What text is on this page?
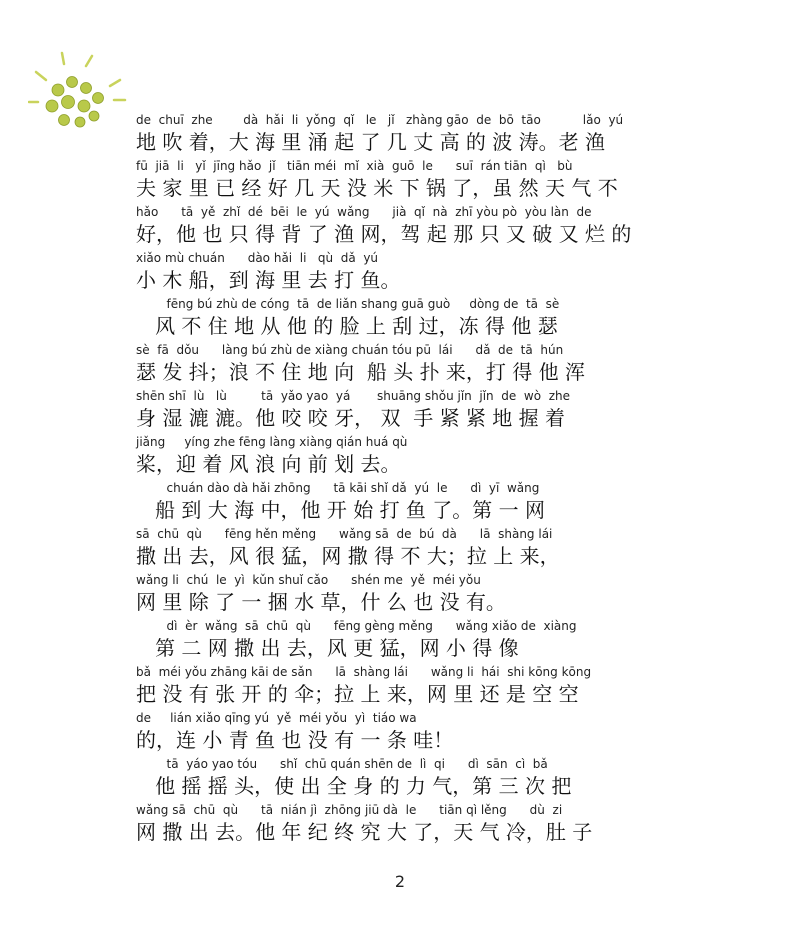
de  chuī  zhe        dà  hǎi  li  yǒng  qǐ   le   jǐ   zhàng gāo  de  bō  tāo           lǎo  yú

地 吹 着，大 海 里 涌 起 了 几 丈 高 的 波 涛。老 渔

fū  jiā  li   yǐ  jīng hǎo  jǐ   tiān méi  mǐ  xià  guō  le      suī  rán tiān  qì   bù

夫 家 里 已 经 好 几 天 没 米 下 锅 了，虽 然 天 气 不

hǎo      tā  yě  zhǐ  dé  bēi  le  yú  wǎng      jià  qǐ  nà  zhī yòu pò  yòu làn  de

好，他 也 只 得 背 了 渔 网，驾 起 那 只 又 破 又 烂 的

xiǎo mù chuán      dào hǎi  li   qù  dǎ  yú

小 木 船，到 海 里 去 打 鱼。

fēng bú zhù de cóng  tā  de liǎn shang guā guò     dòng de  tā  sè

风 不 住 地 从 他 的 脸 上 刮 过，冻 得 他 瑟

sè  fā  dǒu      làng bú zhù de xiàng chuán tóu pū  lái      dǎ  de  tā  hún

瑟 发 抖；浪 不 住 地 向  船 头 扑 来，打 得 他 浑

shēn shī  lù   lù         tā  yǎo yao  yá       shuāng shǒu jǐn  jǐn  de  wò  zhe

身 湿 漉 漉。他 咬 咬 牙， 双  手 紧 紧 地 握 着

jiǎng     yíng zhe fēng làng xiàng qián huá qù

桨，迎 着 风 浪 向 前 划 去。

chuán dào dà hǎi zhōng      tā kāi shǐ dǎ  yú  le      dì  yī  wǎng

船 到 大 海 中，他 开 始 打 鱼 了。第 一 网

sā  chū  qù      fēng hěn měng      wǎng sā  de  bú  dà      lā  shàng lái

撒 出 去，风 很 猛，网 撒 得 不 大；拉 上 来，

wǎng li  chú  le  yì  kǔn shuǐ cǎo      shén me  yě  méi yǒu

网 里 除 了 一 捆 水 草，什 么 也 没 有。

dì  èr  wǎng  sā  chū  qù      fēng gèng měng      wǎng xiǎo de  xiàng

第 二 网 撒 出 去，风 更 猛，网 小 得 像

bǎ  méi yǒu zhāng kāi de sǎn      lā  shàng lái      wǎng li  hái  shi kōng kōng

把 没 有 张 开 的 伞；拉 上 来，网 里 还 是 空 空

de     lián xiǎo qīng yú  yě  méi yǒu  yì  tiáo wa

的，连 小 青 鱼 也 没 有 一 条 哇！

tā  yáo yao tóu      shǐ  chū quán shēn de  lì  qi      dì  sān  cì  bǎ

他 摇 摇 头，使 出 全 身 的 力 气，第 三 次 把

wǎng sā  chū  qù      tā  nián jì  zhōng jiū dà  le      tiān qì lěng      dù  zi

网 撒 出 去。他 年 纪 终 究 大 了，天 气 冷，肚 子

2
